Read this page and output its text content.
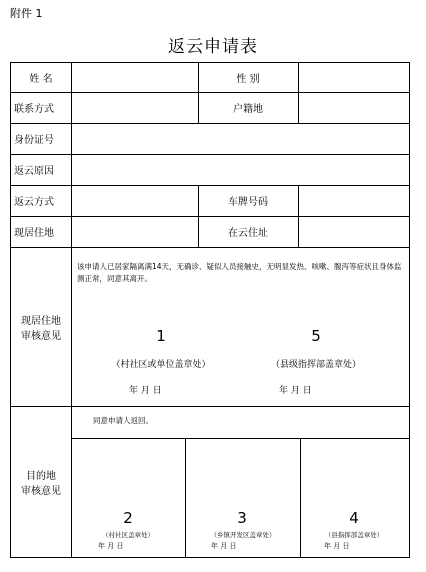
附件 1
返云申请表
姓 名	性 别
联系方式	户籍地
身份证号
返云原因
返云方式	车牌号码
现居住地	在云住址
现居住地
审核意见
该申请人已居家隔离满14天，无确诊、疑似人员接触史，无明显发热、咳嗽、腹泻等症状且身体监测正常，同意其离开。
1
（村社区或单位盖章处）
年 月 日
5
（县级指挥部盖章处）
年 月 日
目的地
审核意见
同意申请人返回。
2
（村社区盖章处）
年 月 日
3
（乡镇开发区盖章处）
年 月 日
4
（县指挥部盖章处）
年 月 日
